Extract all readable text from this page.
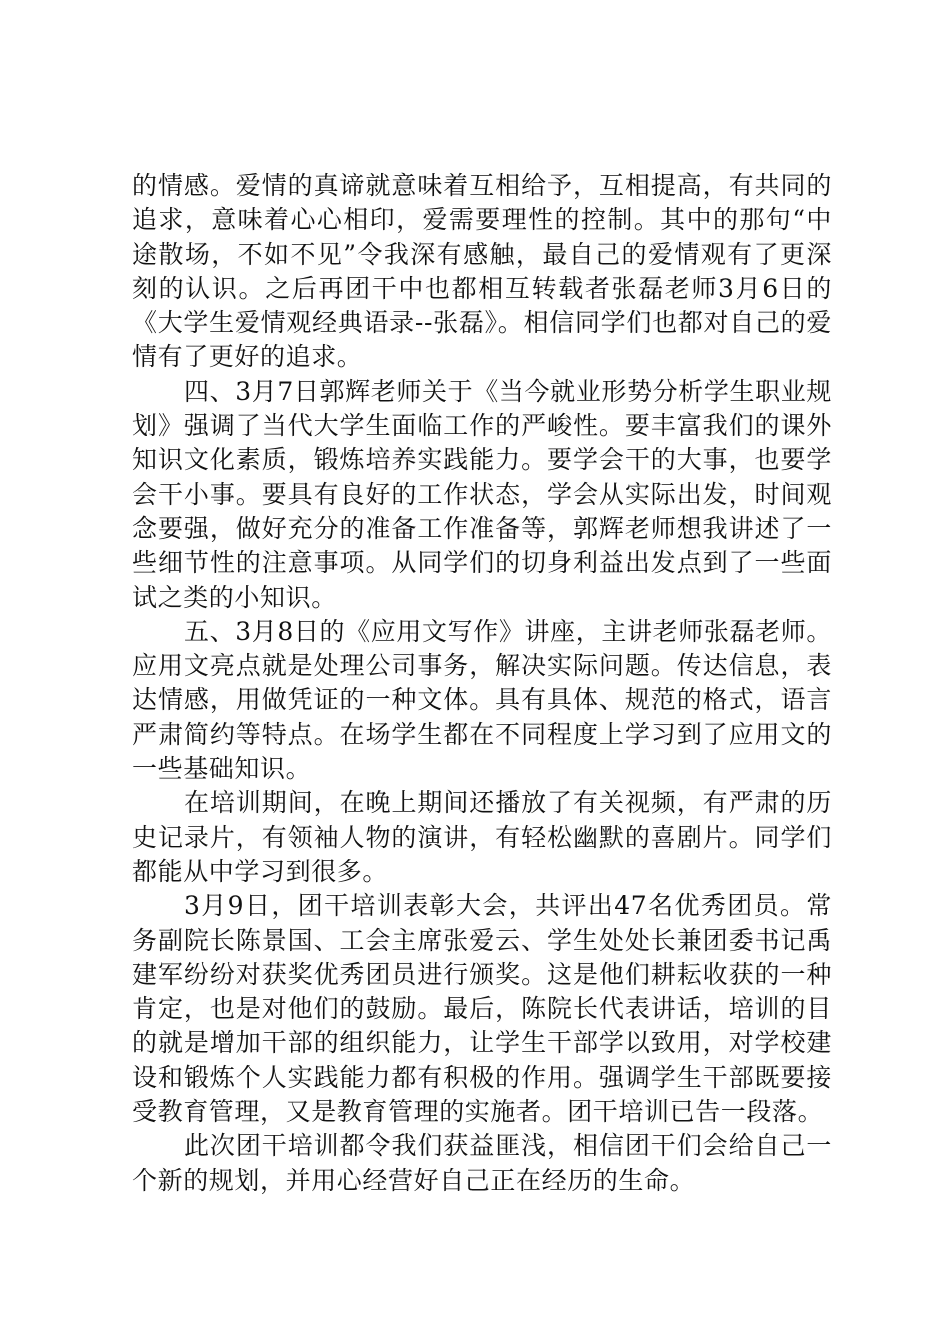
的情感。爱情的真谛就意味着互相给予，互相提高，有共同的追求，意味着心心相印，爱需要理性的控制。其中的那句“中途散场，不如不见”令我深有感触，最自己的爱情观有了更深刻的认识。之后再团干中也都相互转载者张磊老师3月6日的《大学生爱情观经典语录--张磊》。相信同学们也都对自己的爱情有了更好的追求。

四、3月7日郭辉老师关于《当今就业形势分析学生职业规划》强调了当代大学生面临工作的严峻性。要丰富我们的课外知识文化素质，锻炼培养实践能力。要学会干的大事，也要学会干小事。要具有良好的工作状态，学会从实际出发，时间观念要强，做好充分的准备工作准备等，郭辉老师想我讲述了一些细节性的注意事项。从同学们的切身利益出发点到了一些面试之类的小知识。

五、3月8日的《应用文写作》讲座，主讲老师张磊老师。应用文亮点就是处理公司事务，解决实际问题。传达信息，表达情感，用做凭证的一种文体。具有具体、规范的格式，语言严肃简约等特点。在场学生都在不同程度上学习到了应用文的一些基础知识。

在培训期间，在晚上期间还播放了有关视频，有严肃的历史记录片，有领袖人物的演讲，有轻松幽默的喜剧片。同学们都能从中学习到很多。

3月9日，团干培训表彰大会，共评出47名优秀团员。常务副院长陈景国、工会主席张爱云、学生处处长兼团委书记禹建军纷纷对获奖优秀团员进行颁奖。这是他们耕耘收获的一种肯定，也是对他们的鼓励。最后，陈院长代表讲话，培训的目的就是增加干部的组织能力，让学生干部学以致用，对学校建设和锻炼个人实践能力都有积极的作用。强调学生干部既要接受教育管理，又是教育管理的实施者。团干培训已告一段落。

此次团干培训都令我们获益匪浅，相信团干们会给自己一个新的规划，并用心经营好自己正在经历的生命。
